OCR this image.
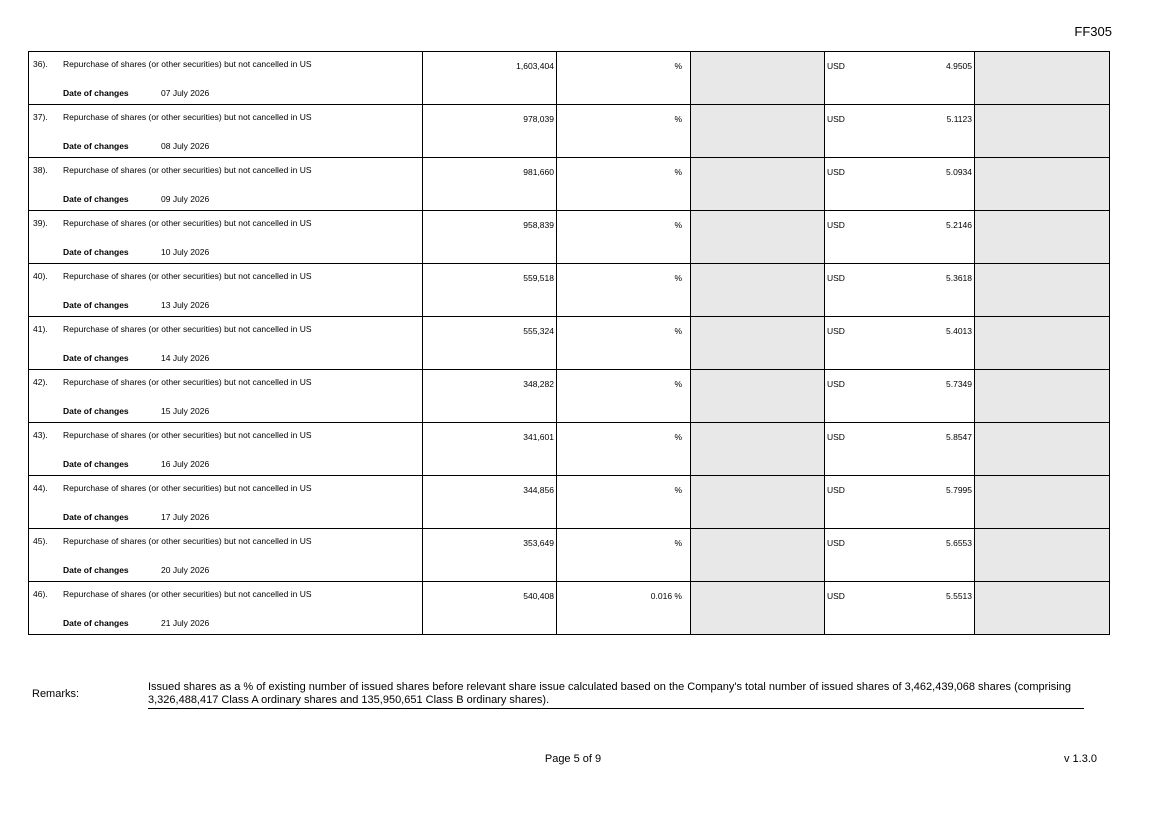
FF305
36). Repurchase of shares (or other securities) but not cancelled in US
Date of changes 07 July 2026	1,603,404	%		USD 4.9505	

37). Repurchase of shares (or other securities) but not cancelled in US
Date of changes 08 July 2026	978,039	%		USD 5.1123	

38). Repurchase of shares (or other securities) but not cancelled in US
Date of changes 09 July 2026	981,660	%		USD 5.0934	

39). Repurchase of shares (or other securities) but not cancelled in US
Date of changes 10 July 2026	958,839	%		USD 5.2146	

40). Repurchase of shares (or other securities) but not cancelled in US
Date of changes 13 July 2026	559,518	%		USD 5.3618	

41). Repurchase of shares (or other securities) but not cancelled in US
Date of changes 14 July 2026	555,324	%		USD 5.4013	

42). Repurchase of shares (or other securities) but not cancelled in US
Date of changes 15 July 2026	348,282	%		USD 5.7349	

43). Repurchase of shares (or other securities) but not cancelled in US
Date of changes 16 July 2026	341,601	%		USD 5.8547	

44). Repurchase of shares (or other securities) but not cancelled in US
Date of changes 17 July 2026	344,856	%		USD 5.7995	

45). Repurchase of shares (or other securities) but not cancelled in US
Date of changes 20 July 2026	353,649	%		USD 5.6553	

46). Repurchase of shares (or other securities) but not cancelled in US
Date of changes 21 July 2026	540,408	0.016 %		USD 5.5513	

Remarks:
Issued shares as a % of existing number of issued shares before relevant share issue calculated based on the Company's total number of issued shares of 3,462,439,068 shares (comprising 3,326,488,417 Class A ordinary shares and 135,950,651 Class B ordinary shares).
Page 5 of 9	v 1.3.0
